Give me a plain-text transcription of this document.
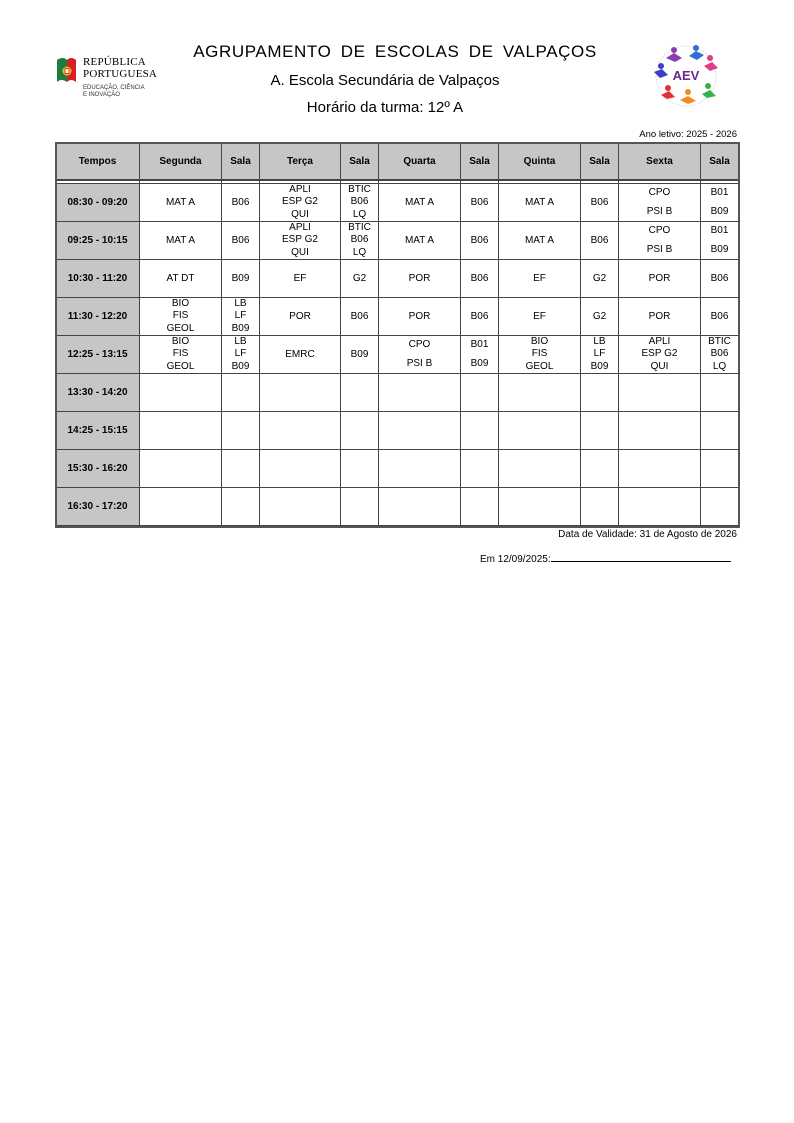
REPÚBLICA
PORTUGUESA
EDUCAÇÃO, CIÊNCIA
E INOVAÇÃO
AGRUPAMENTO DE ESCOLAS DE VALPAÇOS
A. Escola Secundária de Valpaços
Horário da turma: 12º A
AEV
Ano letivo: 2025 - 2026
Tempos	Segunda	Sala	Terça	Sala	Quarta	Sala	Quinta	Sala	Sexta	Sala

08:30 - 09:20	MAT A	B06	APLI
ESP G2
QUI	BTIC
B06
LQ	MAT A	B06	MAT A	B06	CPO
PSI B	B01
B09

09:25 - 10:15	MAT A	B06	APLI
ESP G2
QUI	BTIC
B06
LQ	MAT A	B06	MAT A	B06	CPO
PSI B	B01
B09

10:30 - 11:20	AT DT	B09	EF	G2	POR	B06	EF	G2	POR	B06

11:30 - 12:20	BIO
FIS
GEOL	LB
LF
B09	POR	B06	POR	B06	EF	G2	POR	B06

12:25 - 13:15	BIO
FIS
GEOL	LB
LF
B09	EMRC	B09	CPO
PSI B	B01
B09	BIO
FIS
GEOL	LB
LF
B09	APLI
ESP G2
QUI	BTIC
B06
LQ

13:30 - 14:20	

14:25 - 15:15	

15:30 - 16:20	

16:30 - 17:20	

Data de Validade: 31 de Agosto de 2026
Em 12/09/2025:
